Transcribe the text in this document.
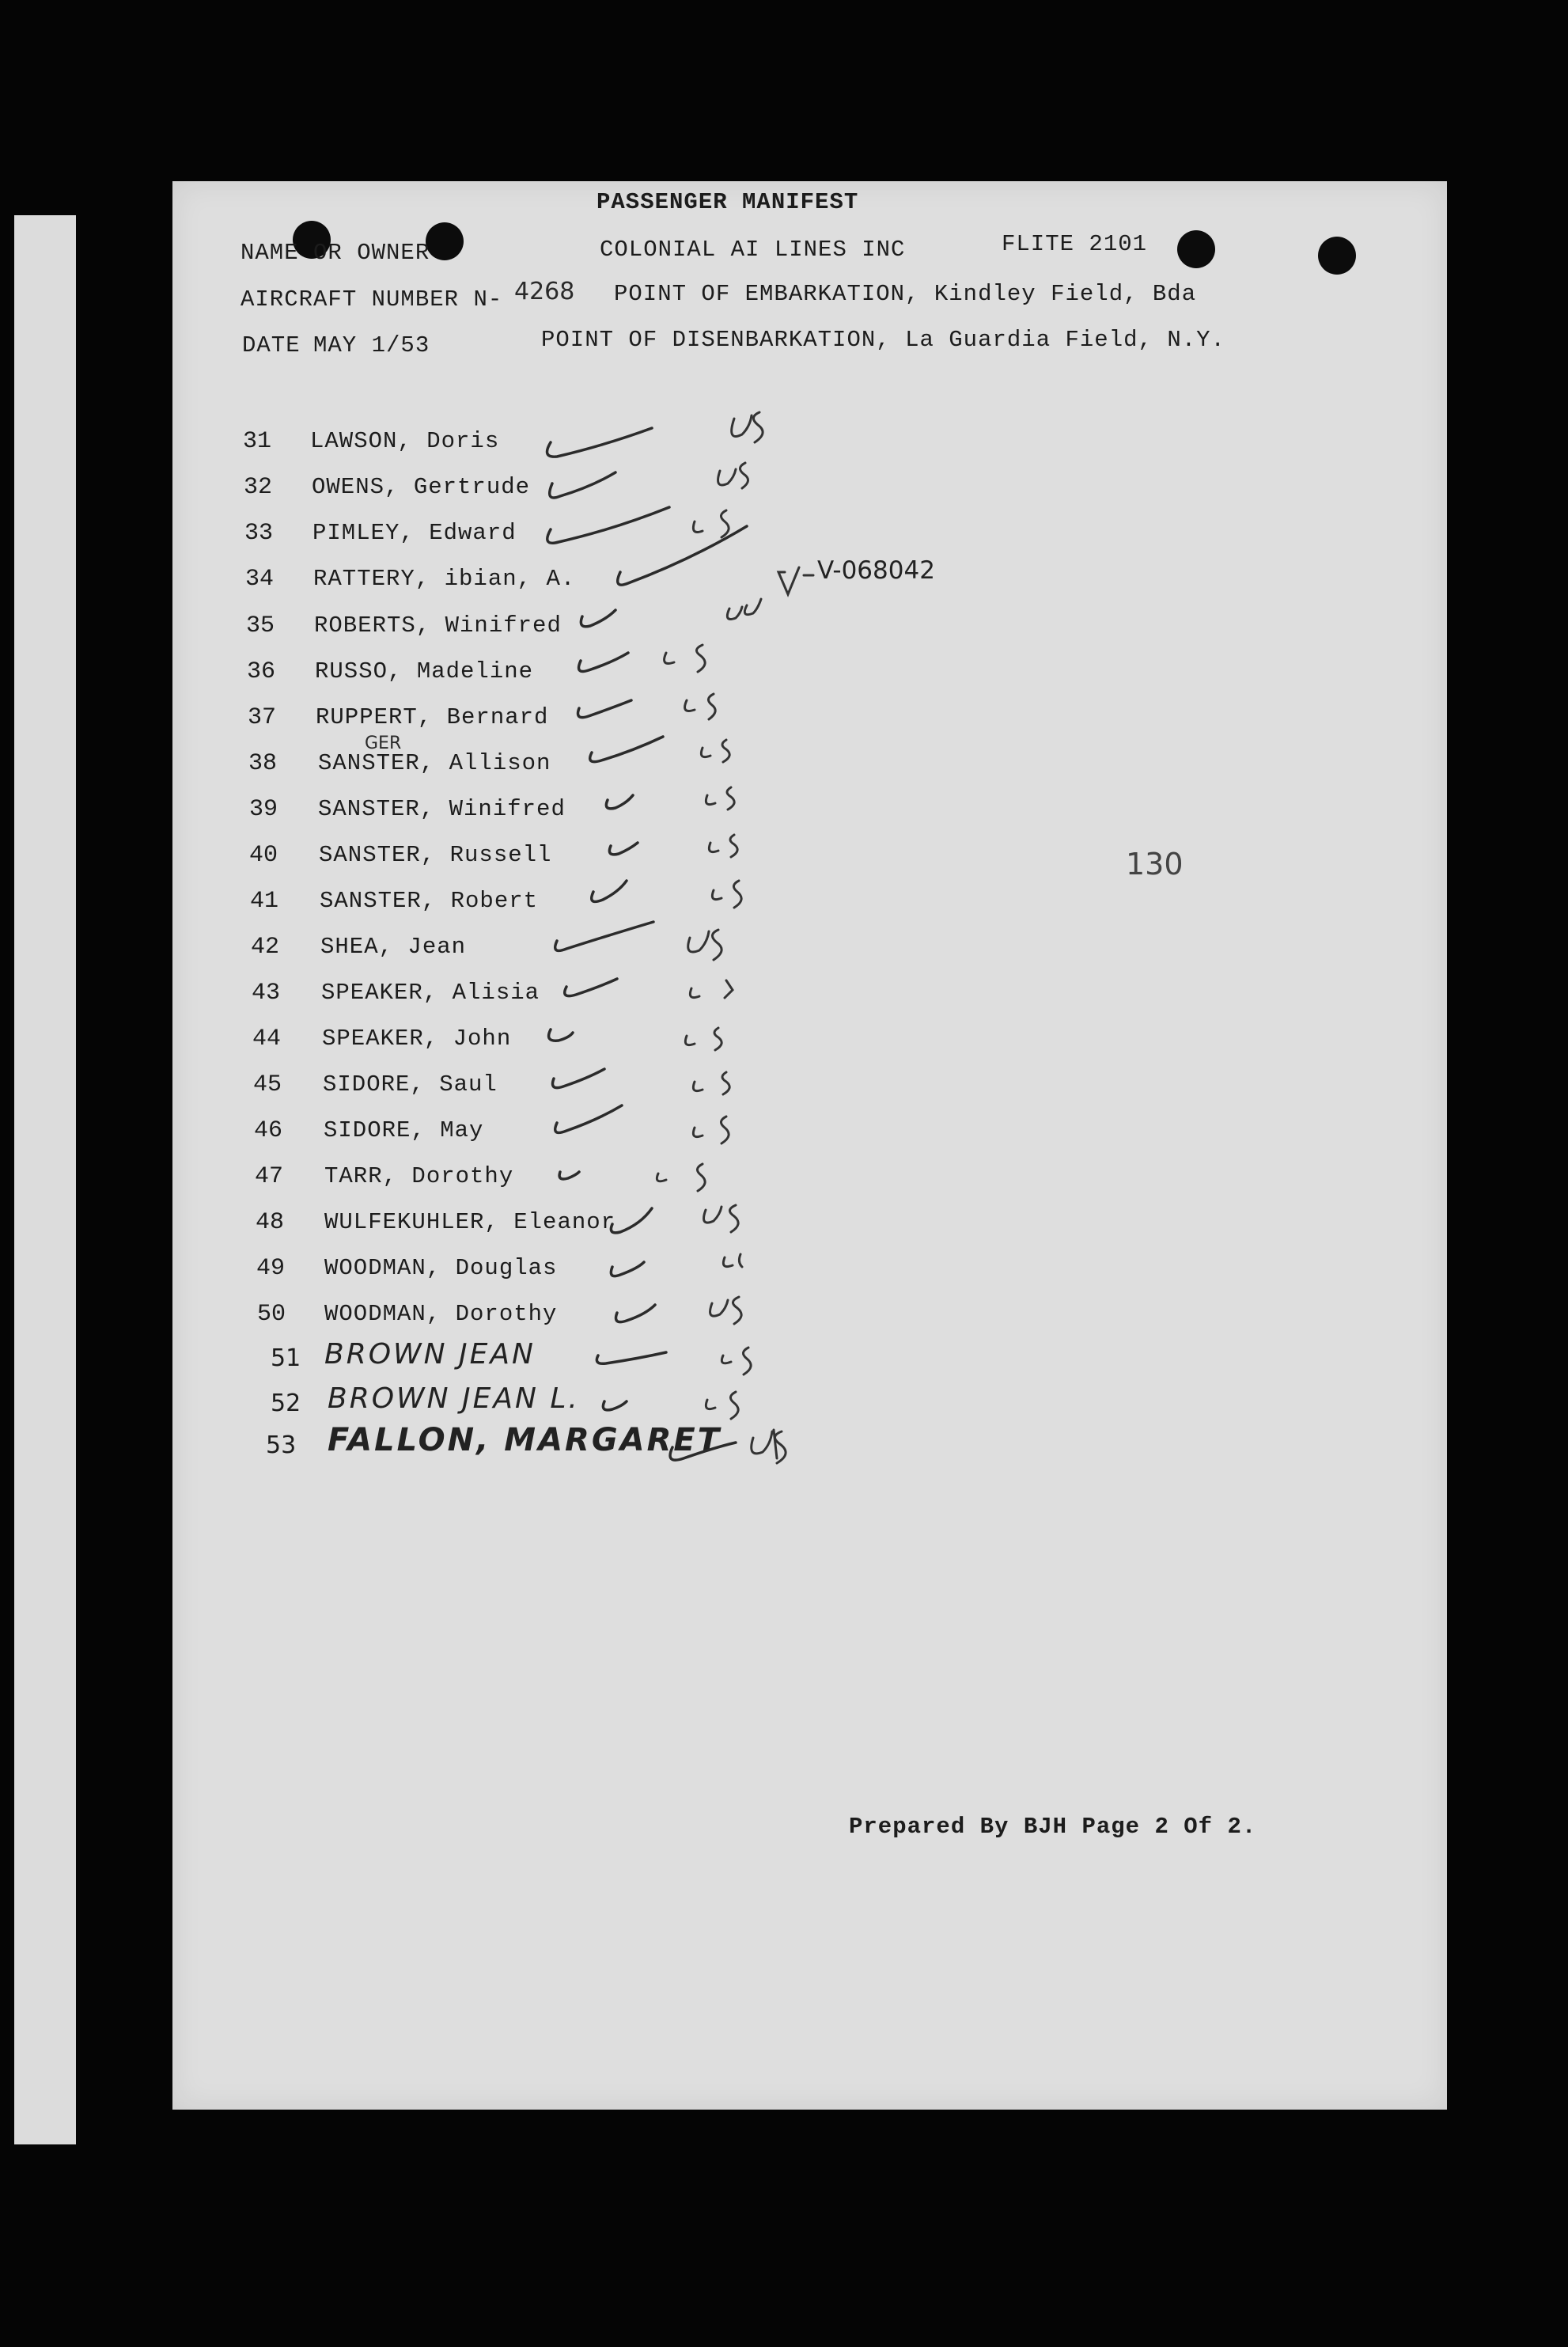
PASSENGER MANIFEST
NAME OR OWNER	COLONIAL AI LINES INC	FLITE 2101
AIRCRAFT NUMBER N- 4268 POINT OF EMBARKATION, Kindley Field, Bda
DATE MAY 1/53	POINT OF DISENBARKATION, La Guardia Field, N.Y.
V-068042
130
GER
31 LAWSON, Doris
32 OWENS, Gertrude
33 PIMLEY, Edward
34 RATTERY, ibian, A.
35 ROBERTS, Winifred
36 RUSSO, Madeline
37 RUPPERT, Bernard
38 SANSTER, Allison
39 SANSTER, Winifred
40 SANSTER, Russell
41 SANSTER, Robert
42 SHEA, Jean
43 SPEAKER, Alisia
44 SPEAKER, John
45 SIDORE, Saul
46 SIDORE, May
47 TARR, Dorothy
48 WULFEKUHLER, Eleanor
49 WOODMAN, Douglas
50 WOODMAN, Dorothy
51 BROWN JEAN
52 BROWN JEAN L.
53 FALLON, MARGARET
Prepared By BJH Page 2 Of 2.
